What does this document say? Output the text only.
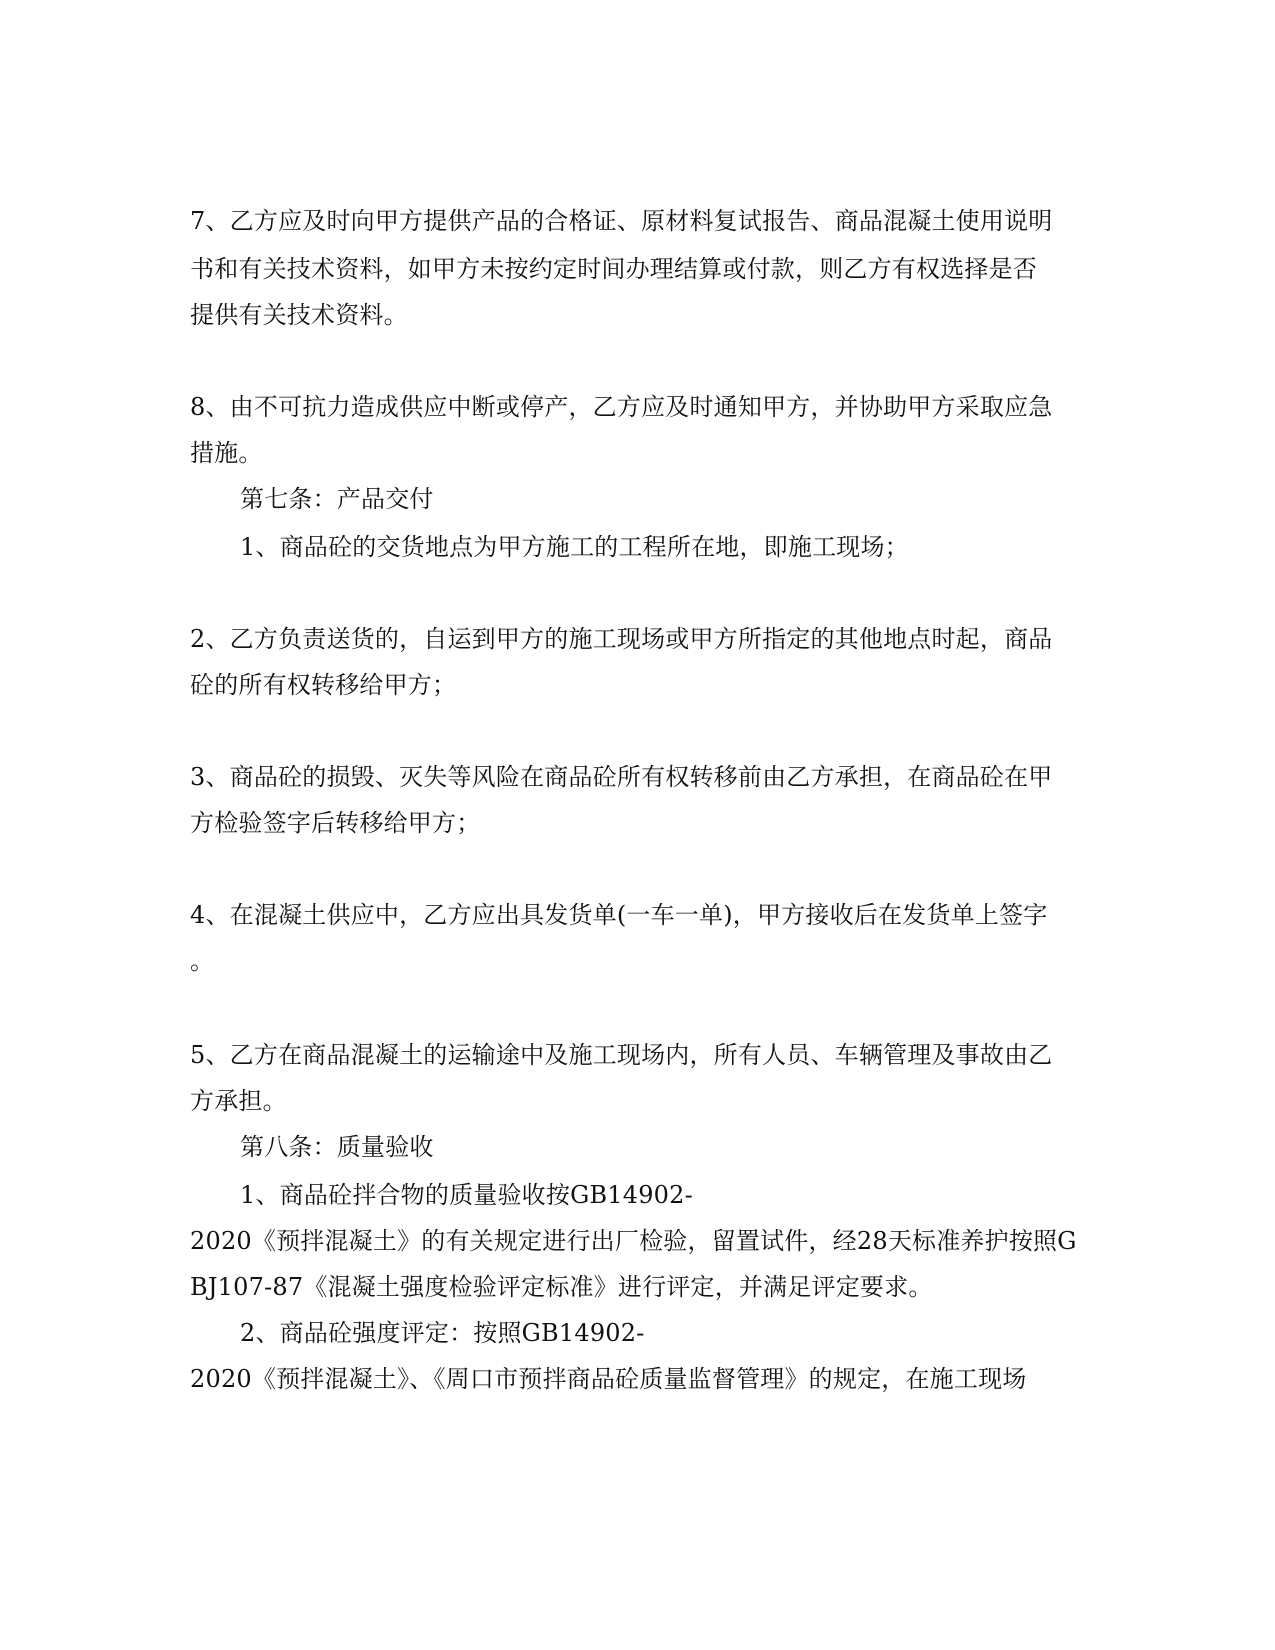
7、乙方应及时向甲方提供产品的合格证、原材料复试报告、商品混凝土使用说明
书和有关技术资料，如甲方未按约定时间办理结算或付款，则乙方有权选择是否
提供有关技术资料。
8、由不可抗力造成供应中断或停产，乙方应及时通知甲方，并协助甲方采取应急
措施。
第七条：产品交付
1、商品砼的交货地点为甲方施工的工程所在地，即施工现场；
2、乙方负责送货的，自运到甲方的施工现场或甲方所指定的其他地点时起，商品
砼的所有权转移给甲方；
3、商品砼的损毁、灭失等风险在商品砼所有权转移前由乙方承担，在商品砼在甲
方检验签字后转移给甲方；
4、在混凝土供应中，乙方应出具发货单(一车一单)，甲方接收后在发货单上签字
。
5、乙方在商品混凝土的运输途中及施工现场内，所有人员、车辆管理及事故由乙
方承担。
第八条：质量验收
1、商品砼拌合物的质量验收按GB14902-
2020《预拌混凝土》的有关规定进行出厂检验，留置试件，经28天标准养护按照G
BJ107-87《混凝土强度检验评定标准》进行评定，并满足评定要求。
2、商品砼强度评定：按照GB14902-
2020《预拌混凝土》、《周口市预拌商品砼质量监督管理》的规定，在施工现场
